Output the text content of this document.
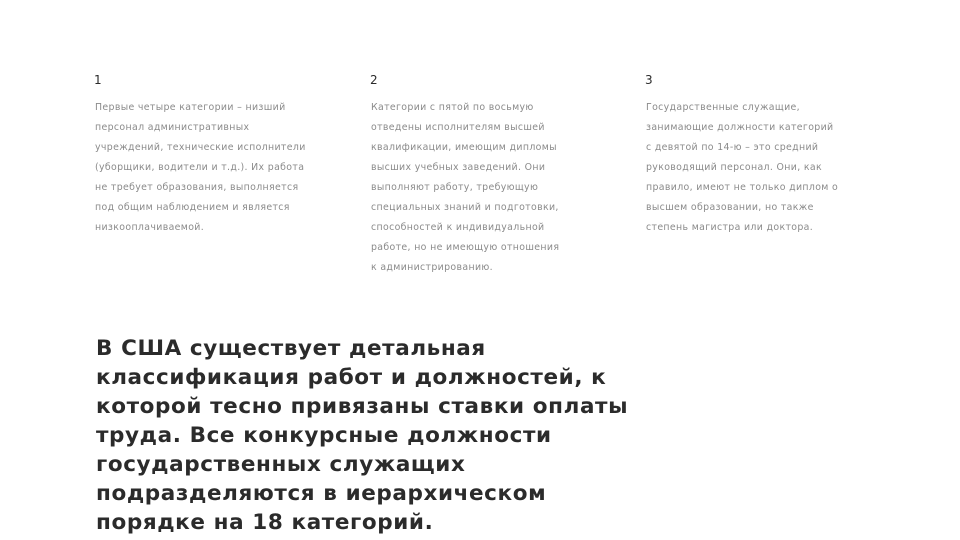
1

Первые четыре категории – низший
персонал административных
учреждений, технические исполнители
(уборщики, водители и т.д.). Их работа
не требует образования, выполняется
под общим наблюдением и является
низкооплачиваемой.

2

Категории с пятой по восьмую
отведены исполнителям высшей
квалификации, имеющим дипломы
высших учебных заведений. Они
выполняют работу, требующую
специальных знаний и подготовки,
способностей к индивидуальной
работе, но не имеющую отношения
к администрированию.

3

Государственные служащие,
занимающие должности категорий
с девятой по 14-ю – это средний
руководящий персонал. Они, как
правило, имеют не только диплом о
высшем образовании, но также
степень магистра или доктора.

В США существует детальная
классификация работ и должностей, к
которой тесно привязаны ставки оплаты
труда. Все конкурсные должности
государственных служащих
подразделяются в иерархическом
порядке на 18 категорий.
